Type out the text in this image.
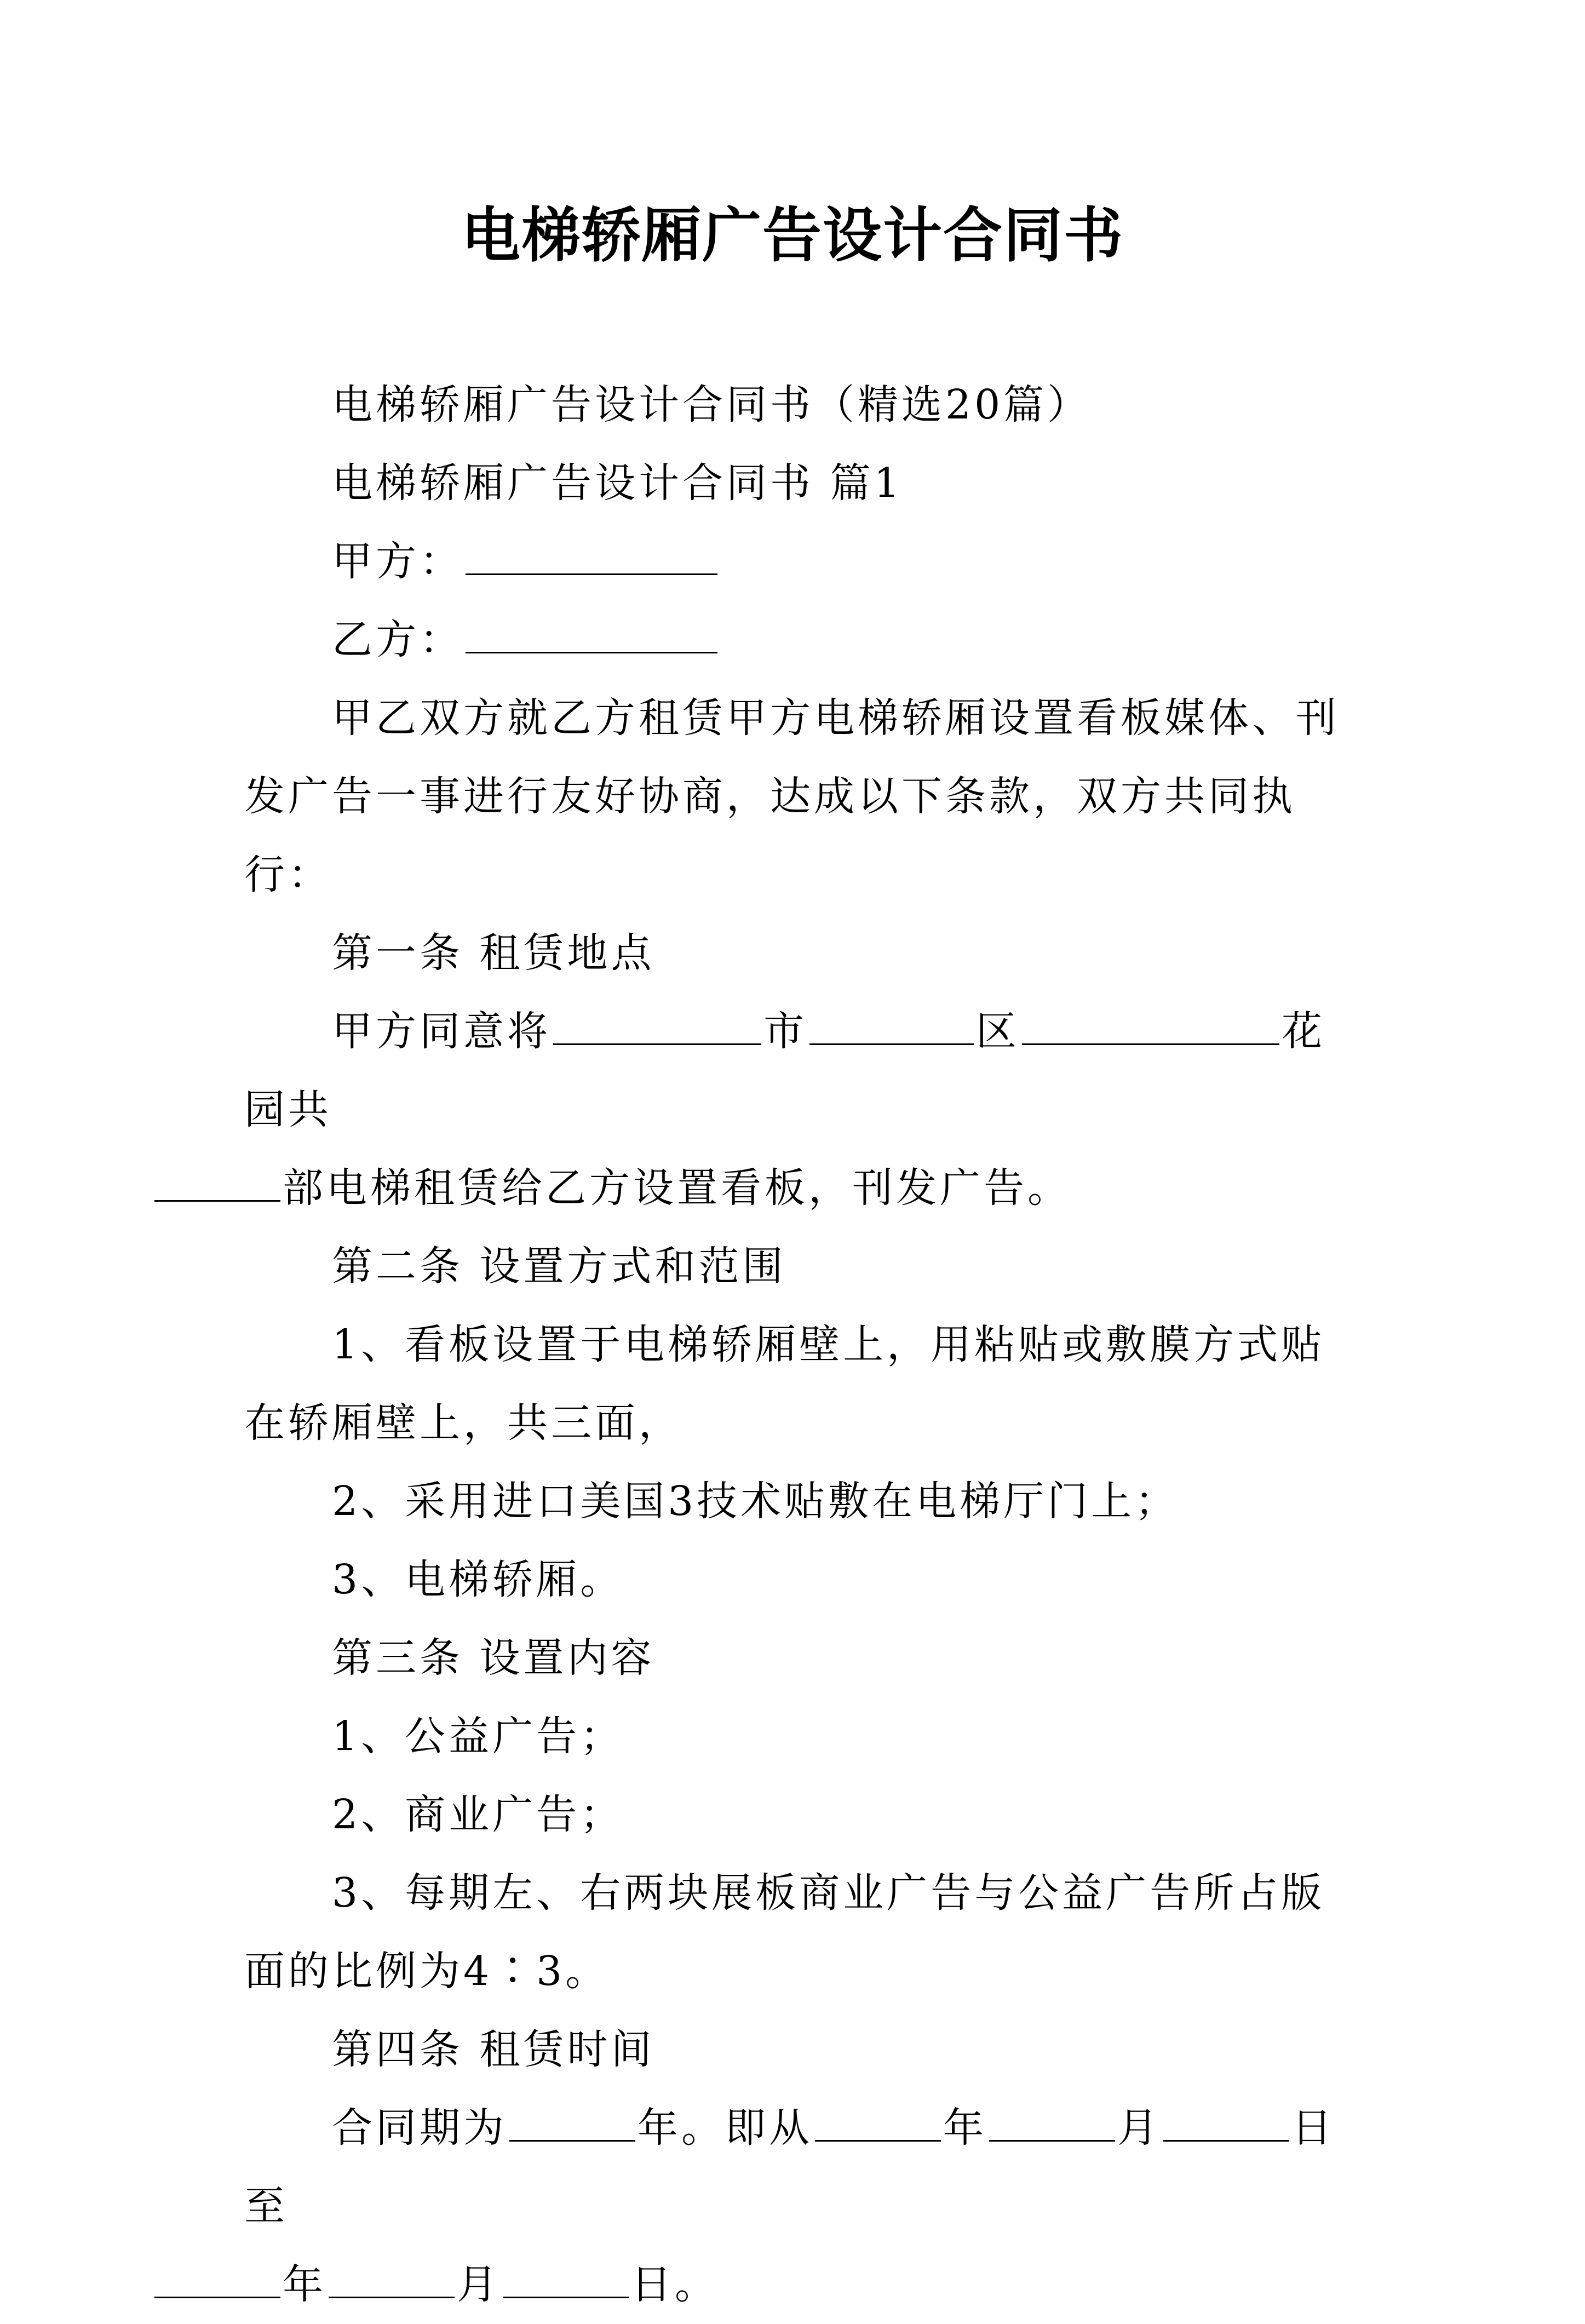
电梯轿厢广告设计合同书

电梯轿厢广告设计合同书（精选20篇）

电梯轿厢广告设计合同书 篇1

甲方：

乙方：

甲乙双方就乙方租赁甲方电梯轿厢设置看板媒体、刊发广告一事进行友好协商，达成以下条款，双方共同执行：

第一条 租赁地点

甲方同意将	市	区	花园共
部电梯租赁给乙方设置看板，刊发广告。

第二条 设置方式和范围

1、看板设置于电梯轿厢壁上，用粘贴或敷膜方式贴在轿厢壁上，共三面，

2、采用进口美国3技术贴敷在电梯厅门上；

3、电梯轿厢。

第三条 设置内容

1、公益广告；

2、商业广告；

3、每期左、右两块展板商业广告与公益广告所占版面的比例为4∶3。

第四条 租赁时间

合同期为	年。即从	年	月	日至
年	月	日。
